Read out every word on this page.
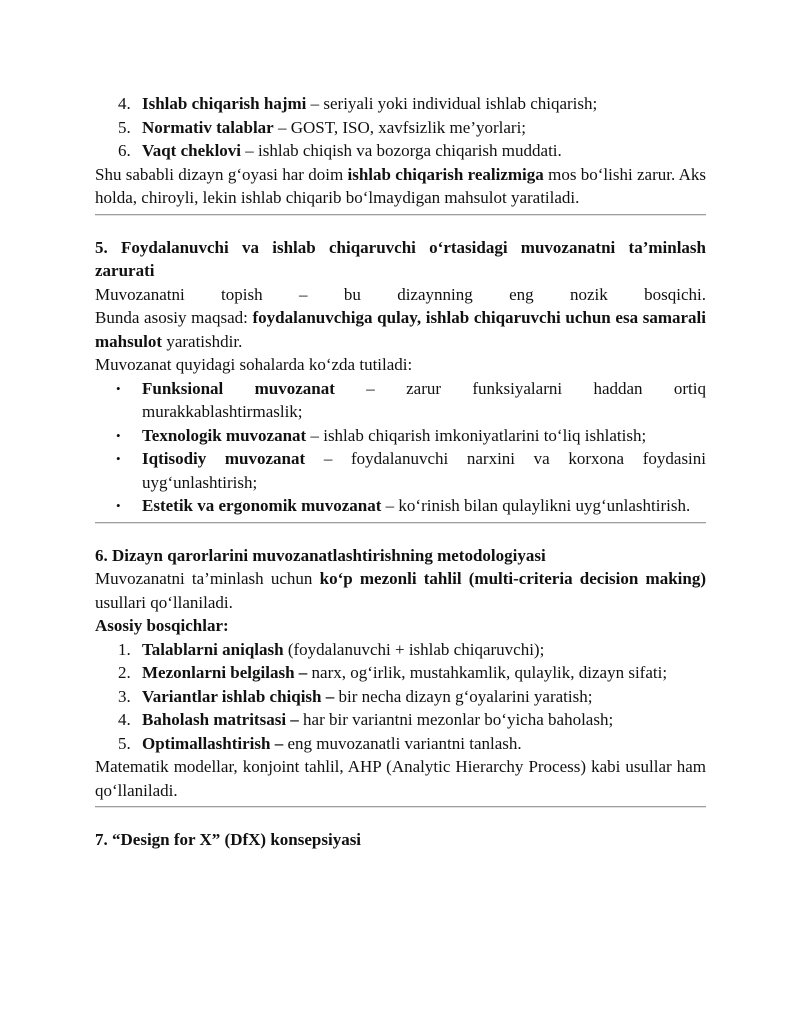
4. Ishlab chiqarish hajmi – seriyali yoki individual ishlab chiqarish;
5. Normativ talablar – GOST, ISO, xavfsizlik me’yorlari;
6. Vaqt cheklovi – ishlab chiqish va bozorga chiqarish muddati.

Shu sababli dizayn g‘oyasi har doim ishlab chiqarish realizmiga mos bo‘lishi zarur. Aks holda, chiroyli, lekin ishlab chiqarib bo‘lmaydigan mahsulot yaratiladi.

5. Foydalanuvchi va ishlab chiqaruvchi o‘rtasidagi muvozanatni ta’minlash zarurati

Muvozanatni topish – bu dizaynning eng nozik bosqichi.

Bunda asosiy maqsad: foydalanuvchiga qulay, ishlab chiqaruvchi uchun esa samarali mahsulot yaratishdir.

Muvozanat quyidagi sohalarda ko‘zda tutiladi:

• Funksional muvozanat – zarur funksiyalarni haddan ortiq murakkablashtirmaslik;
• Texnologik muvozanat – ishlab chiqarish imkoniyatlarini to‘liq ishlatish;
• Iqtisodiy muvozanat – foydalanuvchi narxini va korxona foydasini uyg‘unlashtirish;
• Estetik va ergonomik muvozanat – ko‘rinish bilan qulaylikni uyg‘unlashtirish.
6. Dizayn qarorlarini muvozanatlashtirishning metodologiyasi

Muvozanatni ta’minlash uchun ko‘p mezonli tahlil (multi-criteria decision making) usullari qo‘llaniladi.

Asosiy bosqichlar:

1. Talablarni aniqlash (foydalanuvchi + ishlab chiqaruvchi);
2. Mezonlarni belgilash – narx, og‘irlik, mustahkamlik, qulaylik, dizayn sifati;
3. Variantlar ishlab chiqish – bir necha dizayn g‘oyalarini yaratish;
4. Baholash matritsasi – har bir variantni mezonlar bo‘yicha baholash;
5. Optimallashtirish – eng muvozanatli variantni tanlash.

Matematik modellar, konjoint tahlil, AHP (Analytic Hierarchy Process) kabi usullar ham qo‘llaniladi.

7. “Design for X” (DfX) konsepsiyasi
